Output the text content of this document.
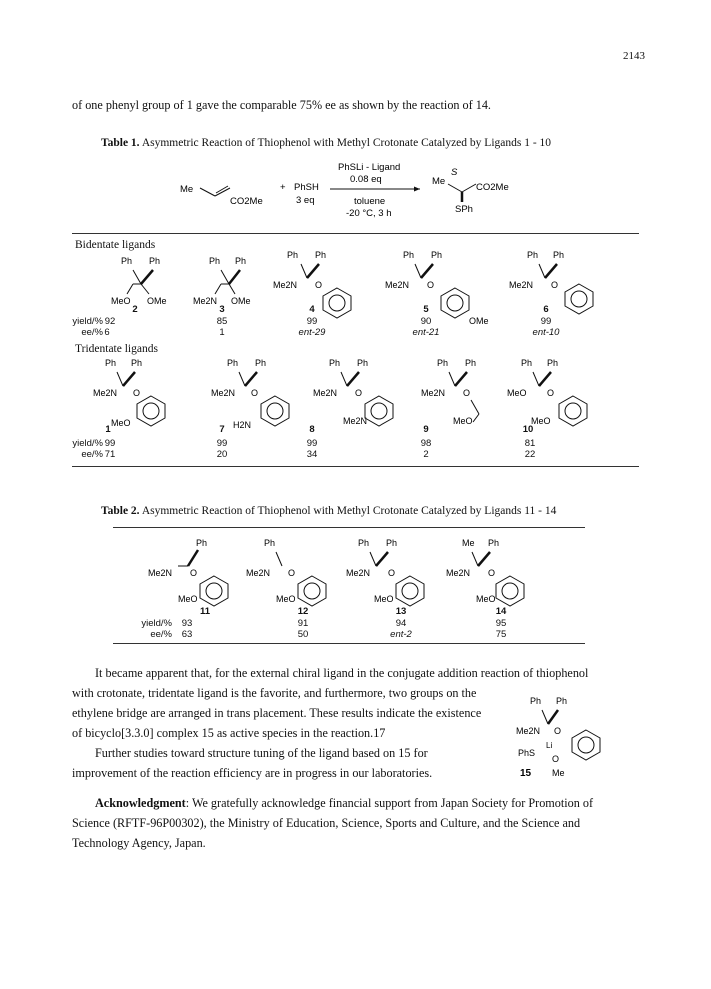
2143
of one phenyl group of 1 gave the comparable 75% ee as shown by the reaction of 14.
Table 1. Asymmetric Reaction of Thiophenol with Methyl Crotonate Catalyzed by Ligands 1 - 10
Me
CO2Me
+ PhSH
3 eq
PhSLi - Ligand
0.08 eq
toluene
-20 °C, 3 h
Me
S
CO2Me
SPh
Bidentate ligands
Ph Ph
MeO OMe
Ph Ph
Me2N OMe
Ph Ph
Me2N O
Ph Ph
Me2N O
OMe
Ph Ph
Me2N O
2	3	4	5	6
yield/% 92	85	99	90	99
ee/% 6	1	ent-29	ent-21	ent-10
Tridentate ligands
Ph Ph
Me2N O
MeO
Ph Ph
Me2N O
H2N
Ph Ph
Me2N O
Me2N
Ph Ph
Me2N O
MeO
Ph Ph
MeO O
MeO
1	7	8	9	10
yield/% 99	99	99	98	81
ee/% 71	20	34	2	22
Table 2. Asymmetric Reaction of Thiophenol with Methyl Crotonate Catalyzed by Ligands 11 - 14
Ph
Me2N O
MeO
Ph
Me2N O
MeO
Ph Ph
Me2N O
MeO
Me Ph
Me2N O
MeO
11	12	13	14
yield/%	93	91	94	95
ee/%	63	50	ent-2	75
It became apparent that, for the external chiral ligand in the conjugate addition reaction of thiophenol
with crotonate, tridentate ligand is the favorite, and furthermore, two groups on the
ethylene bridge are arranged in trans placement. These results indicate the existence
of bicyclo[3.3.0] complex 15 as active species in the reaction.17
Further studies toward structure tuning of the ligand based on 15 for
improvement of the reaction efficiency are in progress in our laboratories.
Ph Ph
Me2N O
Li
PhS
O
Me
15
Acknowledgment: We gratefully acknowledge financial support from Japan Society for Promotion of
Science (RFTF-96P00302), the Ministry of Education, Science, Sports and Culture, and the Science and
Technology Agency, Japan.
